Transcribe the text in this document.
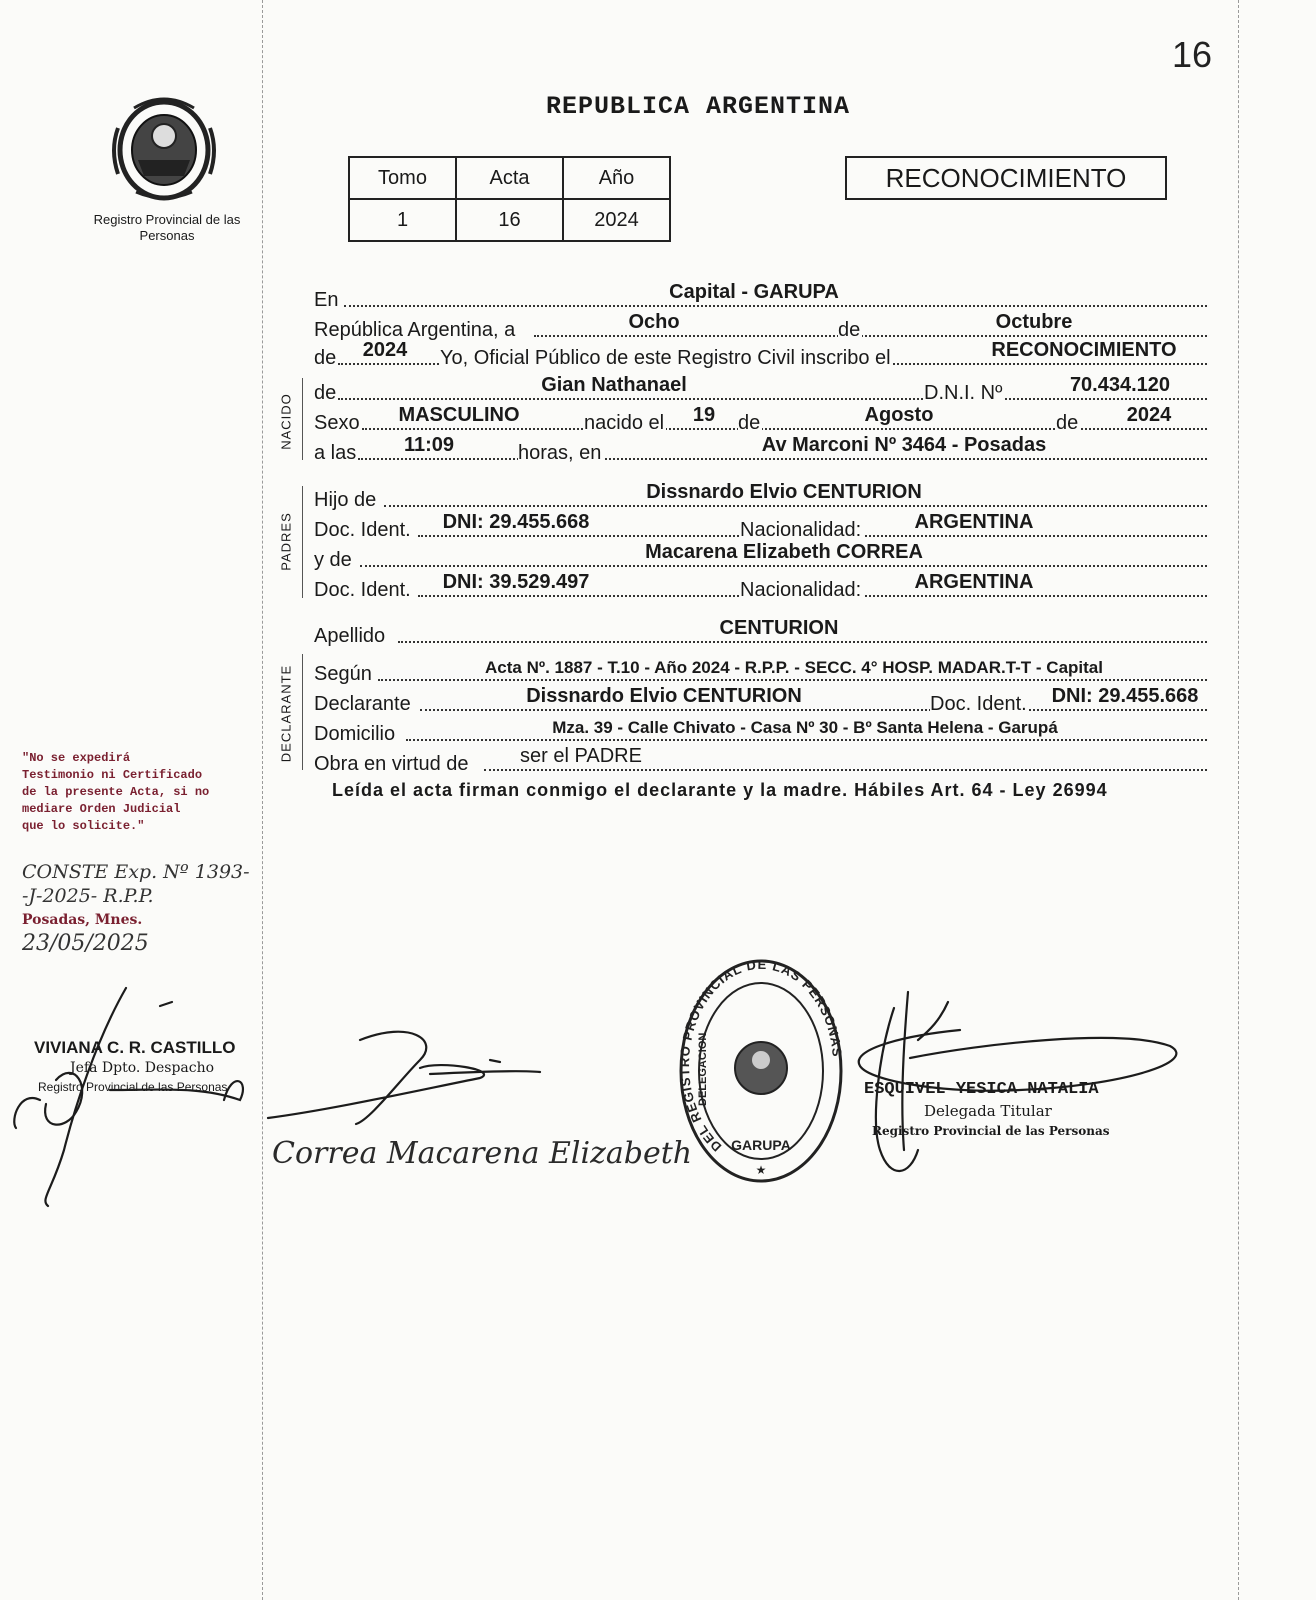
16
Registro Provincial de las Personas
REPUBLICA ARGENTINA
Tomo	Acta	Año
1	16	2024
RECONOCIMIENTO
En	Capital - GARUPA
República Argentina, a	Ocho	de	Octubre
de	2024	Yo, Oficial Público de este Registro Civil inscribo el	RECONOCIMIENTO
NACIDO
de	Gian Nathanael	D.N.I. Nº	70.434.120
Sexo	MASCULINO	nacido el	19	de	Agosto	de	2024
a las	11:09	horas, en	Av Marconi Nº 3464 - Posadas
PADRES
Hijo de	Dissnardo Elvio CENTURION
Doc. Ident.	DNI: 29.455.668	Nacionalidad:	ARGENTINA
y de	Macarena Elizabeth CORREA
Doc. Ident.	DNI: 39.529.497	Nacionalidad:	ARGENTINA
Apellido	CENTURION
DECLARANTE Según	Acta Nº. 1887 - T.10 - Año 2024 - R.P.P. - SECC. 4° HOSP. MADAR.T-T - Capital
Declarante	Dissnardo Elvio CENTURION	Doc. Ident.	DNI: 29.455.668
Domicilio	Mza. 39 - Calle Chivato - Casa Nº 30 - Bº Santa Helena - Garupá
Obra en virtud de	ser el PADRE
Leída el acta firman conmigo el declarante y la madre. Hábiles Art. 64 - Ley 26994
"No se expedirá
Testimonio ni Certificado
de la presente Acta, si no
mediare Orden Judicial
que lo solicite."
CONSTE Exp. Nº 1393-
-J-2025- R.P.P.
Posadas, Mnes.
23/05/2025
VIVIANA C. R. CASTILLO
Jefa Dpto. Despacho
Registro Provincial de las Personas	ESQUIVEL YESICA NATALIA
Delegada Titular
Registro Provincial de las Personas
Correa Macarena Elizabeth	DEL REGISTRO PROVINCIAL DE LAS PERSONAS
GARUPA
DELEGACION
★
